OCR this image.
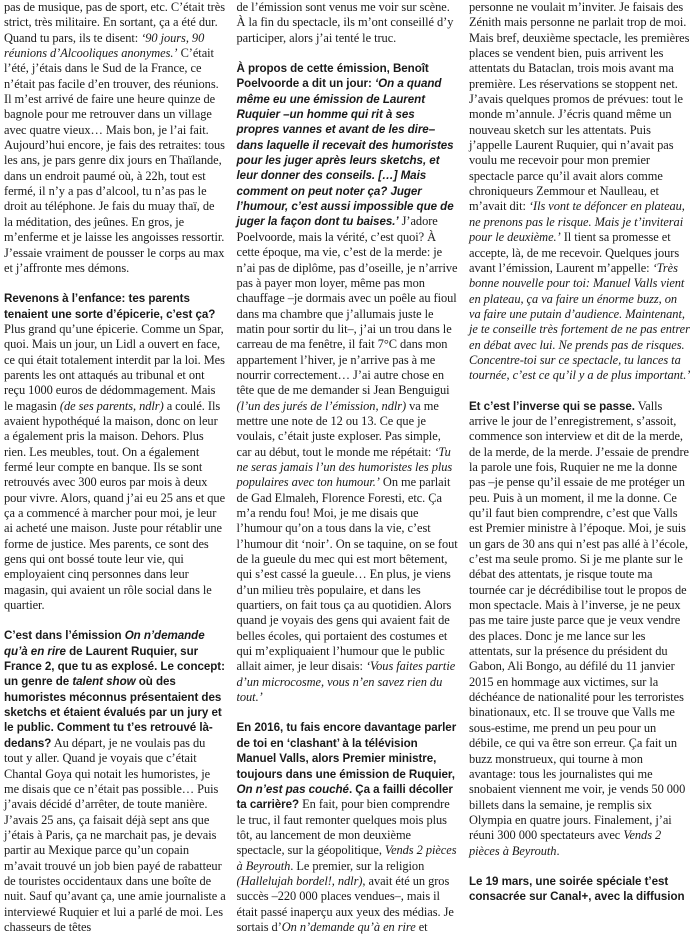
pas de musique, pas de sport, etc. C’était très strict, très militaire. En sortant, ça a été dur. Quand tu pars, ils te disent: ‘90 jours, 90 réunions d’Alcooliques anonymes.’ C’était l’été, j’étais dans le Sud de la France, ce n’était pas facile d’en trouver, des réunions. Il m’est arrivé de faire une heure quinze de bagnole pour me retrouver dans un village avec quatre vieux… Mais bon, je l’ai fait. Aujourd’hui encore, je fais des retraites: tous les ans, je pars genre dix jours en Thaïlande, dans un endroit paumé où, à 22h, tout est fermé, il n’y a pas d’alcool, tu n’as pas le droit au téléphone. Je fais du muay thaï, de la méditation, des jeûnes. En gros, je m’enferme et je laisse les angoisses ressortir. J’essaie vraiment de pousser le corps au max et j’affronte mes démons.

Revenons à l’enfance: tes parents tenaient une sorte d’épicerie, c’est ça? Plus grand qu’une épicerie. Comme un Spar, quoi. Mais un jour, un Lidl a ouvert en face, ce qui était totalement interdit par la loi. Mes parents les ont attaqués au tribunal et ont reçu 1000 euros de dédommagement. Mais le magasin (de ses parents, ndlr) a coulé. Ils avaient hypothéqué la maison, donc on leur a également pris la maison. Dehors. Plus rien. Les meubles, tout. On a également fermé leur compte en banque. Ils se sont retrouvés avec 300 euros par mois à deux pour vivre. Alors, quand j’ai eu 25 ans et que ça a commencé à marcher pour moi, je leur ai acheté une maison. Juste pour rétablir une forme de justice. Mes parents, ce sont des gens qui ont bossé toute leur vie, qui employaient cinq personnes dans leur magasin, qui avaient un rôle social dans le quartier.

C’est dans l’émission On n’demande qu’à en rire de Laurent Ruquier, sur France 2, que tu as explosé. Le concept: un genre de talent show où des humoristes méconnus présentaient des sketchs et étaient évalués par un jury et le public. Comment tu t’es retrouvé là-dedans? Au départ, je ne voulais pas du tout y aller. Quand je voyais que c’était Chantal Goya qui notait les humoristes, je me disais que ce n’était pas possible… Puis j’avais décidé d’arrêter, de toute manière. J’avais 25 ans, ça faisait déjà sept ans que j’étais à Paris, ça ne marchait pas, je devais partir au Mexique parce qu’un copain m’avait trouvé un job bien payé de rabatteur de touristes occidentaux dans une boîte de nuit. Sauf qu’avant ça, une amie journaliste a interviewé Ruquier et lui a parlé de moi. Les chasseurs de têtes

de l’émission sont venus me voir sur scène. À la fin du spectacle, ils m’ont conseillé d’y participer, alors j’ai tenté le truc.

À propos de cette émission, Benoît Poelvoorde a dit un jour: ‘On a quand même eu une émission de Laurent Ruquier –un homme qui rit à ses propres vannes et avant de les dire– dans laquelle il recevait des humoristes pour les juger après leurs sketchs, et leur donner des conseils. […] Mais comment on peut noter ça? Juger l’humour, c’est aussi impossible que de juger la façon dont tu baises.’ J’adore Poelvoorde, mais la vérité, c’est quoi? À cette époque, ma vie, c’est de la merde: je n’ai pas de diplôme, pas d’oseille, je n’arrive pas à payer mon loyer, même pas mon chauffage –je dormais avec un poêle au fioul dans ma chambre que j’allumais juste le matin pour sortir du lit–, j’ai un trou dans le carreau de ma fenêtre, il fait 7°C dans mon appartement l’hiver, je n’arrive pas à me nourrir correctement… J’ai autre chose en tête que de me demander si Jean Benguigui (l’un des jurés de l’émission, ndlr) va me mettre une note de 12 ou 13. Ce que je voulais, c’était juste exploser. Pas simple, car au début, tout le monde me répétait: ‘Tu ne seras jamais l’un des humoristes les plus populaires avec ton humour.’ On me parlait de Gad Elmaleh, Florence Foresti, etc. Ça m’a rendu fou! Moi, je me disais que l’humour qu’on a tous dans la vie, c’est l’humour dit ‘noir’. On se taquine, on se fout de la gueule du mec qui est mort bêtement, qui s’est cassé la gueule… En plus, je viens d’un milieu très populaire, et dans les quartiers, on fait tous ça au quotidien. Alors quand je voyais des gens qui avaient fait de belles écoles, qui portaient des costumes et qui m’expliquaient l’humour que le public allait aimer, je leur disais: ‘Vous faites partie d’un microcosme, vous n’en savez rien du tout.’

En 2016, tu fais encore davantage parler de toi en ‘clashant’ à la télévision Manuel Valls, alors Premier ministre, toujours dans une émission de Ruquier, On n’est pas couché. Ça a failli décoller ta carrière? En fait, pour bien comprendre le truc, il faut remonter quelques mois plus tôt, au lancement de mon deuxième spectacle, sur la géopolitique, Vends 2 pièces à Beyrouth. Le premier, sur la religion (Hallelujah bordel!, ndlr), avait été un gros succès –220 000 places vendues–, mais il était passé inaperçu aux yeux des médias. Je sortais d’On n’demande qu’à en rire et

personne ne voulait m’inviter. Je faisais des Zénith mais personne ne parlait trop de moi. Mais bref, deuxième spectacle, les premières places se vendent bien, puis arrivent les attentats du Bataclan, trois mois avant ma première. Les réservations se stoppent net. J’avais quelques promos de prévues: tout le monde m’annule. J’écris quand même un nouveau sketch sur les attentats. Puis j’appelle Laurent Ruquier, qui n’avait pas voulu me recevoir pour mon premier spectacle parce qu’il avait alors comme chroniqueurs Zemmour et Naulleau, et m’avait dit: ‘Ils vont te défoncer en plateau, ne prenons pas le risque. Mais je t’inviterai pour le deuxième.’ Il tient sa promesse et accepte, là, de me recevoir. Quelques jours avant l’émission, Laurent m’appelle: ‘Très bonne nouvelle pour toi: Manuel Valls vient en plateau, ça va faire un énorme buzz, on va faire une putain d’audience. Maintenant, je te conseille très fortement de ne pas entrer en débat avec lui. Ne prends pas de risques. Concentre-toi sur ce spectacle, tu lances ta tournée, c’est ce qu’il y a de plus important.’

Et c’est l’inverse qui se passe. Valls arrive le jour de l’enregistrement, s’assoit, commence son interview et dit de la merde, de la merde, de la merde. J’essaie de prendre la parole une fois, Ruquier ne me la donne pas –je pense qu’il essaie de me protéger un peu. Puis à un moment, il me la donne. Ce qu’il faut bien comprendre, c’est que Valls est Premier ministre à l’époque. Moi, je suis un gars de 30 ans qui n’est pas allé à l’école, c’est ma seule promo. Si je me plante sur le débat des attentats, je risque toute ma tournée car je décrédibilise tout le propos de mon spectacle. Mais à l’inverse, je ne peux pas me taire juste parce que je veux vendre des places. Donc je me lance sur les attentats, sur la présence du président du Gabon, Ali Bongo, au défilé du 11 janvier 2015 en hommage aux victimes, sur la déchéance de nationalité pour les terroristes binationaux, etc. Il se trouve que Valls me sous-estime, me prend un peu pour un débile, ce qui va être son erreur. Ça fait un buzz monstrueux, qui tourne à mon avantage: tous les journalistes qui me snobaient viennent me voir, je vends 50 000 billets dans la semaine, je remplis six Olympia en quatre jours. Finalement, j’ai réuni 300 000 spectateurs avec Vends 2 pièces à Beyrouth.

Le 19 mars, une soirée spéciale t’est consacrée sur Canal+, avec la diffusion
